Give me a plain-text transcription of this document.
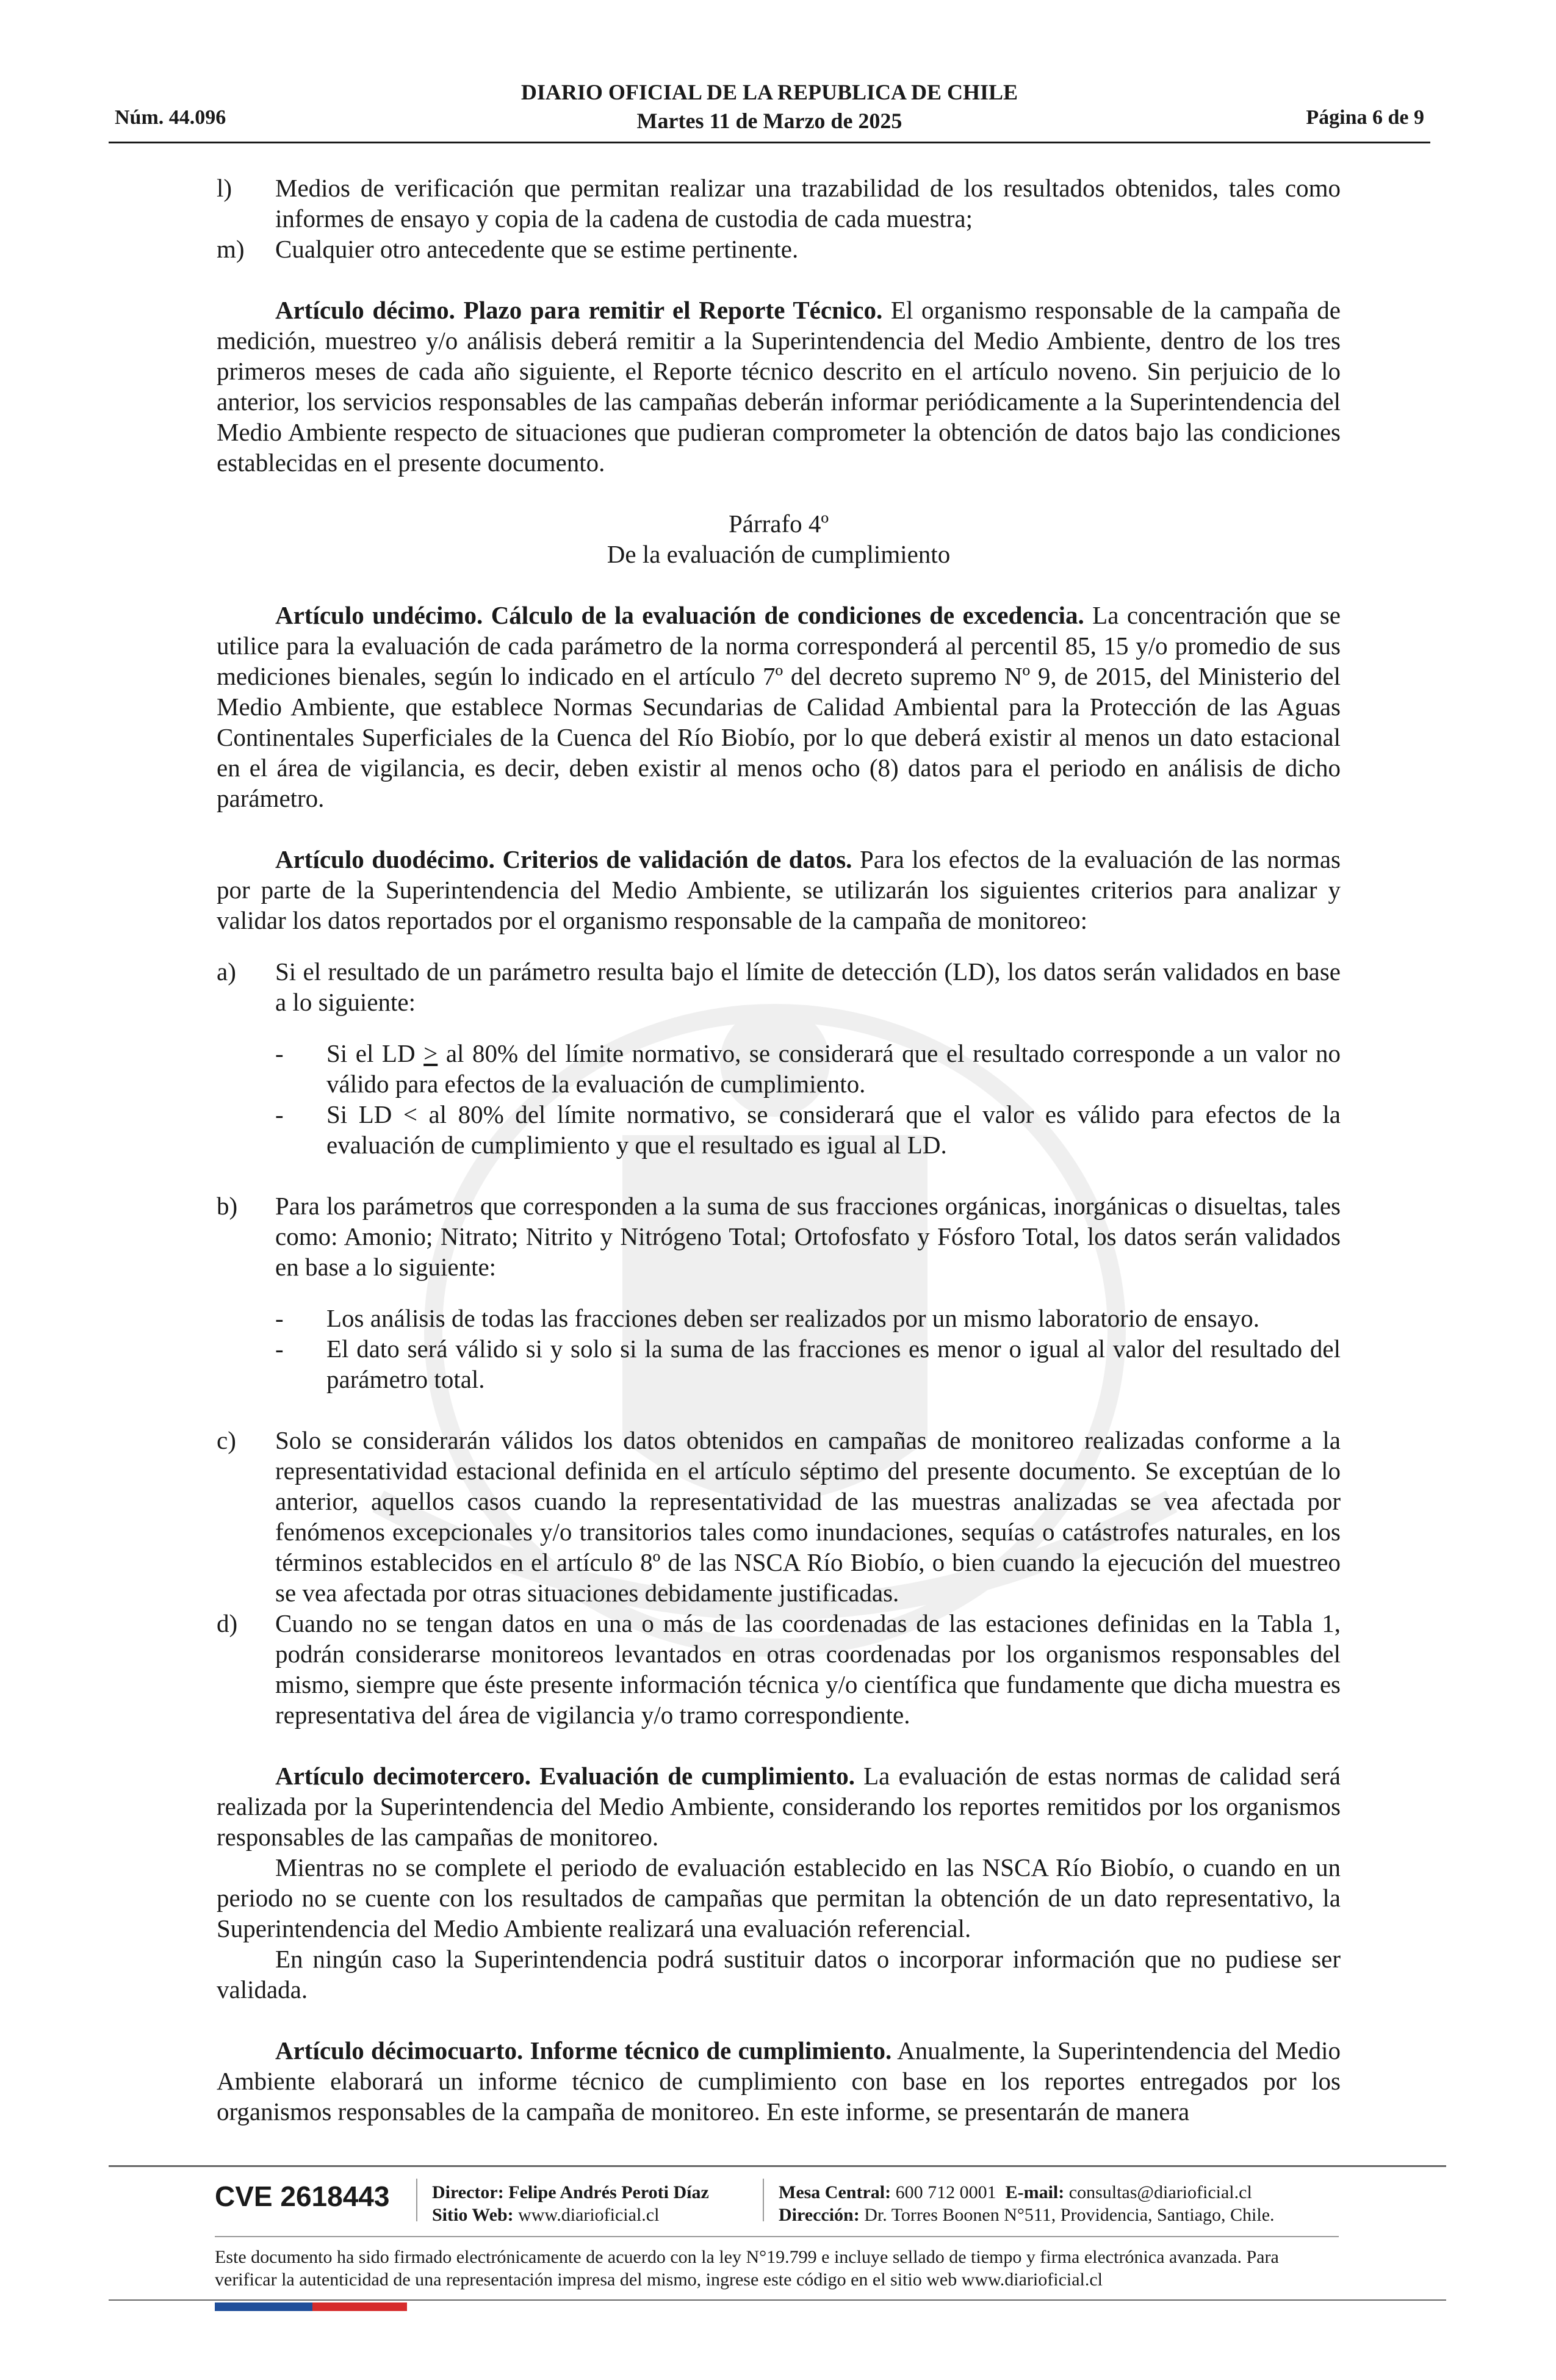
Núm. 44.096
DIARIO OFICIAL DE LA REPUBLICA DE CHILE
Martes 11 de Marzo de 2025	Página 6 de 9
l) Medios de verificación que permitan realizar una trazabilidad de los resultados obtenidos, tales como informes de ensayo y copia de la cadena de custodia de cada muestra;
m) Cualquier otro antecedente que se estime pertinente.

Artículo décimo. Plazo para remitir el Reporte Técnico. El organismo responsable de la campaña de medición, muestreo y/o análisis deberá remitir a la Superintendencia del Medio Ambiente, dentro de los tres primeros meses de cada año siguiente, el Reporte técnico descrito en el artículo noveno. Sin perjuicio de lo anterior, los servicios responsables de las campañas deberán informar periódicamente a la Superintendencia del Medio Ambiente respecto de situaciones que pudieran comprometer la obtención de datos bajo las condiciones establecidas en el presente documento.

Párrafo 4º

De la evaluación de cumplimiento

Artículo undécimo. Cálculo de la evaluación de condiciones de excedencia. La concentración que se utilice para la evaluación de cada parámetro de la norma corresponderá al percentil 85, 15 y/o promedio de sus mediciones bienales, según lo indicado en el artículo 7º del decreto supremo Nº 9, de 2015, del Ministerio del Medio Ambiente, que establece Normas Secundarias de Calidad Ambiental para la Protección de las Aguas Continentales Superficiales de la Cuenca del Río Biobío, por lo que deberá existir al menos un dato estacional en el área de vigilancia, es decir, deben existir al menos ocho (8) datos para el periodo en análisis de dicho parámetro.

Artículo duodécimo. Criterios de validación de datos. Para los efectos de la evaluación de las normas por parte de la Superintendencia del Medio Ambiente, se utilizarán los siguientes criterios para analizar y validar los datos reportados por el organismo responsable de la campaña de monitoreo:

a) Si el resultado de un parámetro resulta bajo el límite de detección (LD), los datos serán validados en base a lo siguiente:
- Si el LD > al 80% del límite normativo, se considerará que el resultado corresponde a un valor no válido para efectos de la evaluación de cumplimiento.
- Si LD < al 80% del límite normativo, se considerará que el valor es válido para efectos de la evaluación de cumplimiento y que el resultado es igual al LD.
b) Para los parámetros que corresponden a la suma de sus fracciones orgánicas, inorgánicas o disueltas, tales como: Amonio; Nitrato; Nitrito y Nitrógeno Total; Ortofosfato y Fósforo Total, los datos serán validados en base a lo siguiente:
- Los análisis de todas las fracciones deben ser realizados por un mismo laboratorio de ensayo.
- El dato será válido si y solo si la suma de las fracciones es menor o igual al valor del resultado del parámetro total.
c) Solo se considerarán válidos los datos obtenidos en campañas de monitoreo realizadas conforme a la representatividad estacional definida en el artículo séptimo del presente documento. Se exceptúan de lo anterior, aquellos casos cuando la representatividad de las muestras analizadas se vea afectada por fenómenos excepcionales y/o transitorios tales como inundaciones, sequías o catástrofes naturales, en los términos establecidos en el artículo 8º de las NSCA Río Biobío, o bien cuando la ejecución del muestreo se vea afectada por otras situaciones debidamente justificadas.
d) Cuando no se tengan datos en una o más de las coordenadas de las estaciones definidas en la Tabla 1, podrán considerarse monitoreos levantados en otras coordenadas por los organismos responsables del mismo, siempre que éste presente información técnica y/o científica que fundamente que dicha muestra es representativa del área de vigilancia y/o tramo correspondiente.

Artículo decimotercero. Evaluación de cumplimiento. La evaluación de estas normas de calidad será realizada por la Superintendencia del Medio Ambiente, considerando los reportes remitidos por los organismos responsables de las campañas de monitoreo.

Mientras no se complete el periodo de evaluación establecido en las NSCA Río Biobío, o cuando en un periodo no se cuente con los resultados de campañas que permitan la obtención de un dato representativo, la Superintendencia del Medio Ambiente realizará una evaluación referencial.

En ningún caso la Superintendencia podrá sustituir datos o incorporar información que no pudiese ser validada.

Artículo décimocuarto. Informe técnico de cumplimiento. Anualmente, la Superintendencia del Medio Ambiente elaborará un informe técnico de cumplimiento con base en los reportes entregados por los organismos responsables de la campaña de monitoreo. En este informe, se presentarán de manera

CVE 2618443 Director: Felipe Andrés Peroti Díaz
Sitio Web: www.diarioficial.cl
Mesa Central: 600 712 0001 E-mail: consultas@diarioficial.cl
Dirección: Dr. Torres Boonen N°511, Providencia, Santiago, Chile.
Este documento ha sido firmado electrónicamente de acuerdo con la ley N°19.799 e incluye sellado de tiempo y firma electrónica avanzada. Para verificar la autenticidad de una representación impresa del mismo, ingrese este código en el sitio web www.diarioficial.cl
